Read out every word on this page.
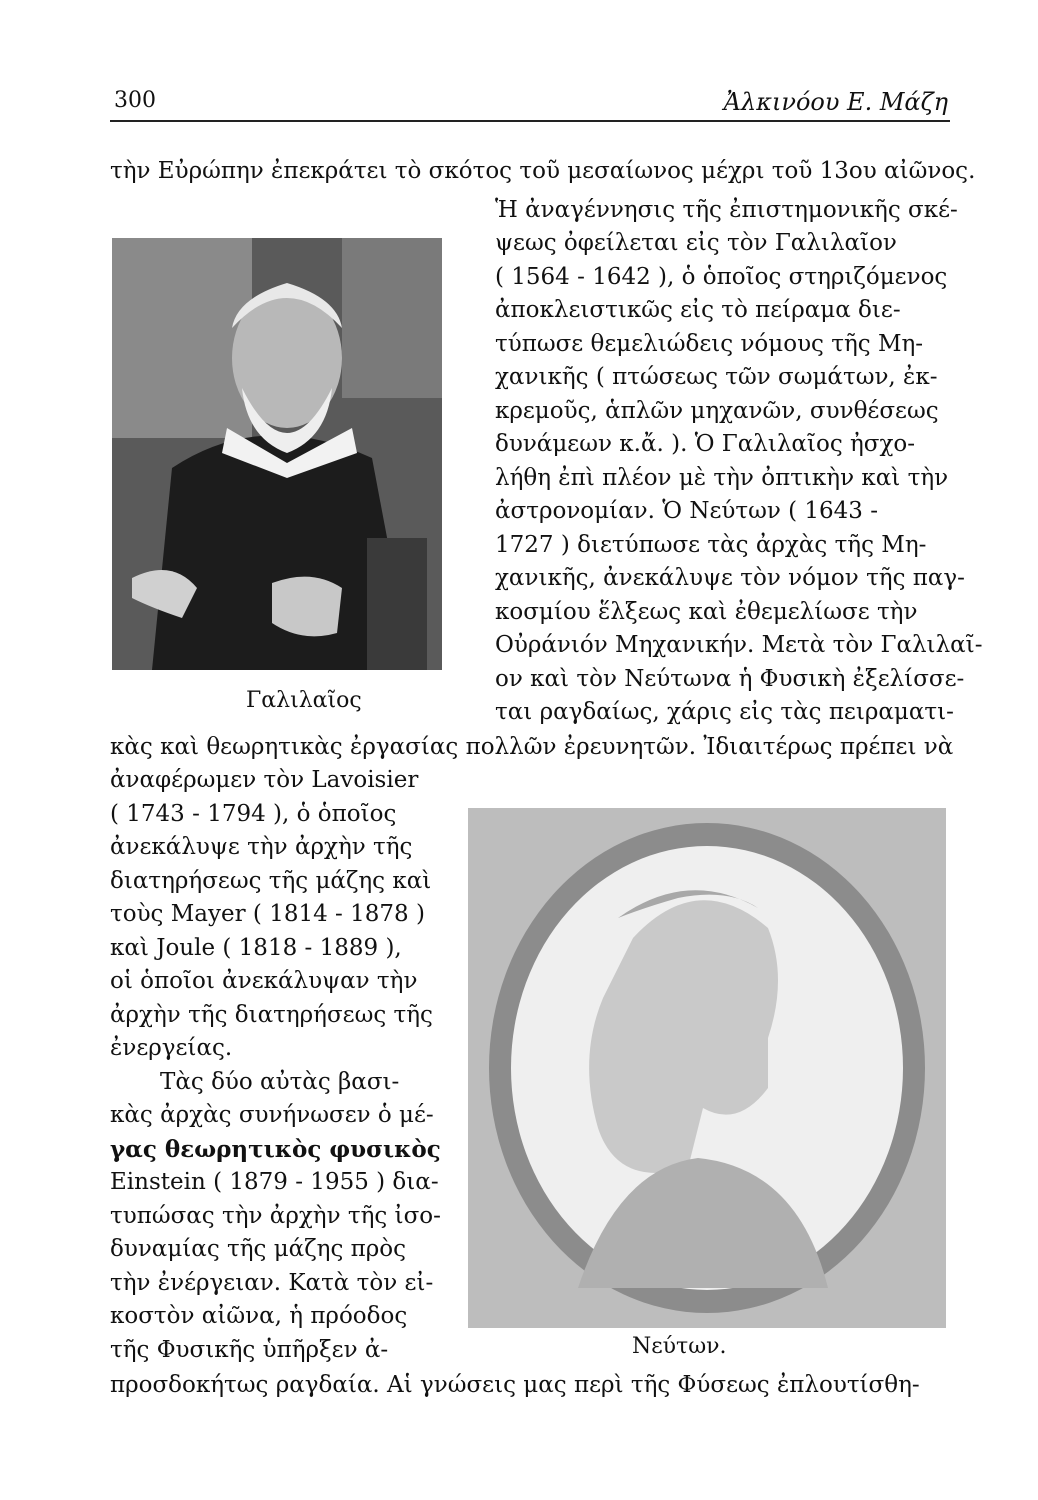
300	Ἀλκινόου Ε. Μάζη
Γαλιλαῖος
Νεύτων.
τὴν Εὐρώπην ἐπεκράτει τὸ σκότος τοῦ μεσαίωνος μέχρι τοῦ 13ου αἰῶνος.
Ἡ ἀναγέννησις τῆς ἐπιστημονικῆς σκέ-
ψεως ὀφείλεται εἰς τὸν Γαλιλαῖον
( 1564 - 1642 ), ὁ ὁποῖος στηριζόμενος
ἀποκλειστικῶς εἰς τὸ πείραμα διε-
τύπωσε θεμελιώδεις νόμους τῆς Μη-
χανικῆς ( πτώσεως τῶν σωμάτων, ἐκ-
κρεμοῦς, ἁπλῶν μηχανῶν, συνθέσεως
δυνάμεων κ.ἄ. ). Ὁ Γαλιλαῖος ἠσχο-
λήθη ἐπὶ πλέον μὲ τὴν ὀπτικὴν καὶ τὴν
ἀστρονομίαν. Ὁ Νεύτων ( 1643 -
1727 ) διετύπωσε τὰς ἀρχὰς τῆς Μη-
χανικῆς, ἀνεκάλυψε τὸν νόμον τῆς παγ-
κοσμίου ἕλξεως καὶ ἐθεμελίωσε τὴν
Οὐράνιόν Μηχανικήν. Μετὰ τὸν Γαλιλαῖ-
ον καὶ τὸν Νεύτωνα ἡ Φυσικὴ ἐξελίσσε-
ται ραγδαίως, χάρις εἰς τὰς πειραματι-
κὰς καὶ θεωρητικὰς ἐργασίας πολλῶν ἐρευνητῶν. Ἰδιαιτέρως πρέπει νὰ
ἀναφέρωμεν τὸν Lavoisier
( 1743 - 1794 ), ὁ ὁποῖος
ἀνεκάλυψε τὴν ἀρχὴν τῆς
διατηρήσεως τῆς μάζης καὶ
τοὺς Mayer ( 1814 - 1878 )
καὶ Joule ( 1818 - 1889 ),
οἱ ὁποῖοι ἀνεκάλυψαν τὴν
ἀρχὴν τῆς διατηρήσεως τῆς
ἐνεργείας.
Τὰς δύο αὐτὰς βασι-
κὰς ἀρχὰς συνήνωσεν ὁ μέ-
γας θεωρητικὸς φυσικὸς
Einstein ( 1879 - 1955 ) δια-
τυπώσας τὴν ἀρχὴν τῆς ἰσο-
δυναμίας τῆς μάζης πρὸς
τὴν ἐνέργειαν. Κατὰ τὸν εἰ-
κοστὸν αἰῶνα, ἡ πρόοδος
τῆς Φυσικῆς ὑπῆρξεν ἀ-
προσδοκήτως ραγδαία. Αἱ γνώσεις μας περὶ τῆς Φύσεως ἐπλουτίσθη-
